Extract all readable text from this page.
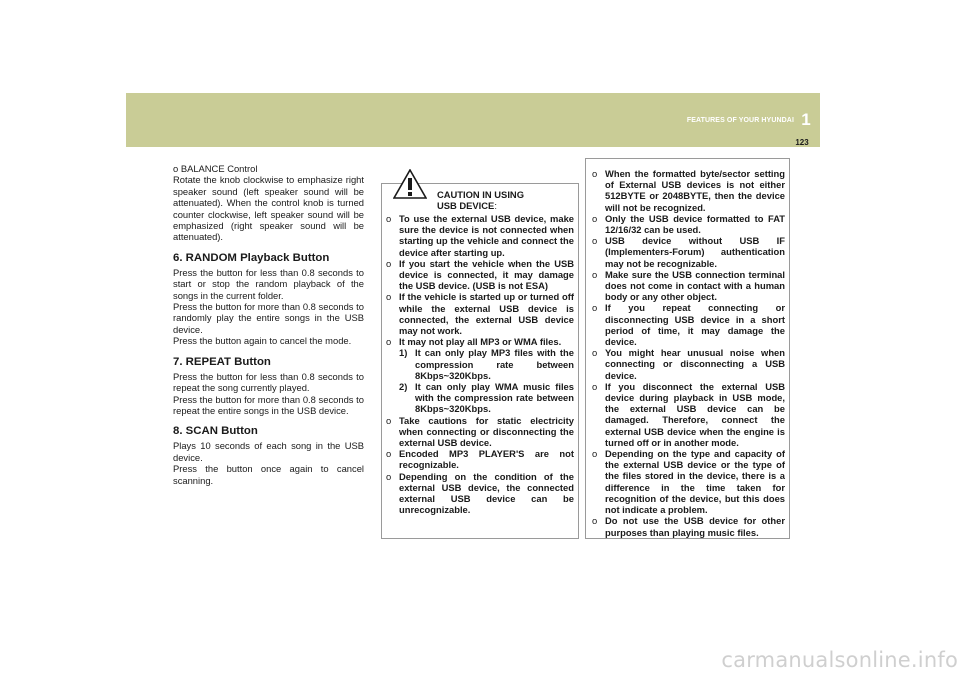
FEATURES OF YOUR HYUNDAI 1
123

o BALANCE Control

Rotate the knob clockwise to emphasize right speaker sound (left speaker sound will be attenuated). When the control knob is turned counter clockwise, left speaker sound will be emphasized (right speaker sound will be attenuated).

6. RANDOM Playback Button

Press the button for less than 0.8 seconds to start or stop the random playback of the songs in the current folder.

Press the button for more than 0.8 seconds to randomly play the entire songs in the USB device.

Press the button again to cancel the mode.

7. REPEAT Button

Press the button for less than 0.8 seconds to repeat the song currently played.

Press the button for more than 0.8 seconds to repeat the entire songs in the USB device.

8. SCAN Button

Plays 10 seconds of each song in the USB device.

Press the button once again to cancel scanning.

CAUTION IN USING
USB DEVICE:
o To use the external USB device, make sure the device is not connected when starting up the vehicle and connect the device after starting up.
o If you start the vehicle when the USB device is connected, it may damage the USB device. (USB is not ESA)
o If the vehicle is started up or turned off while the external USB device is connected, the external USB device may not work.
o It may not play all MP3 or WMA files.
1) It can only play MP3 files with the compression rate between 8Kbps~320Kbps.
2) It can only play WMA music files with the compression rate between 8Kbps~320Kbps.
o Take cautions for static electricity when connecting or disconnecting the external USB device.
o Encoded MP3 PLAYER'S are not recognizable.
o Depending on the condition of the external USB device, the connected external USB device can be unrecognizable.
o When the formatted byte/sector setting of External USB devices is not either 512BYTE or 2048BYTE, then the device will not be recognized.
o Only the USB device formatted to FAT 12/16/32 can be used.
o USB device without USB IF (Implementers-Forum) authentication may not be recognizable.
o Make sure the USB connection terminal does not come in contact with a human body or any other object.
o If you repeat connecting or disconnecting USB device in a short period of time, it may damage the device.
o You might hear unusual noise when connecting or disconnecting a USB device.
o If you disconnect the external USB device during playback in USB mode, the external USB device can be damaged. Therefore, connect the external USB device when the engine is turned off or in another mode.
o Depending on the type and capacity of the external USB device or the type of the files stored in the device, there is a difference in the time taken for recognition of the device, but this does not indicate a problem.
o Do not use the USB device for other purposes than playing music files.
carmanualsonline.info
